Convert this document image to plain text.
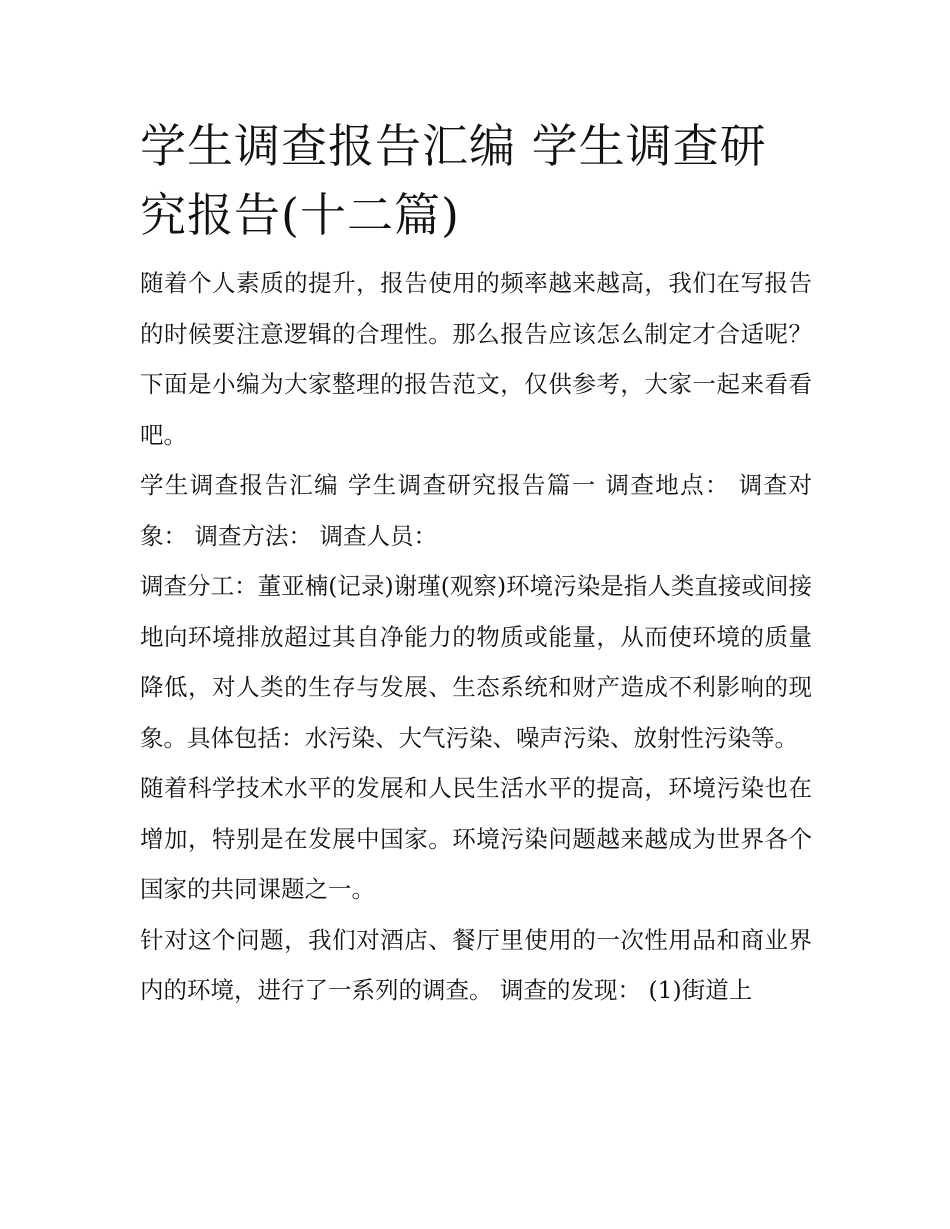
学生调查报告汇编 学生调查研究报告(十二篇)

随着个人素质的提升，报告使用的频率越来越高，我们在写报告的时候要注意逻辑的合理性。那么报告应该怎么制定才合适呢？下面是小编为大家整理的报告范文，仅供参考，大家一起来看看吧。

学生调查报告汇编 学生调查研究报告篇一 调查地点： 调查对象： 调查方法： 调查人员：

调查分工：董亚楠(记录)谢瑾(观察)环境污染是指人类直接或间接地向环境排放超过其自净能力的物质或能量，从而使环境的质量降低，对人类的生存与发展、生态系统和财产造成不利影响的现象。具体包括：水污染、大气污染、噪声污染、放射性污染等。

随着科学技术水平的发展和人民生活水平的提高，环境污染也在增加，特别是在发展中国家。环境污染问题越来越成为世界各个国家的共同课题之一。

针对这个问题，我们对酒店、餐厅里使用的一次性用品和商业界内的环境，进行了一系列的调查。 调查的发现： (1)街道上
